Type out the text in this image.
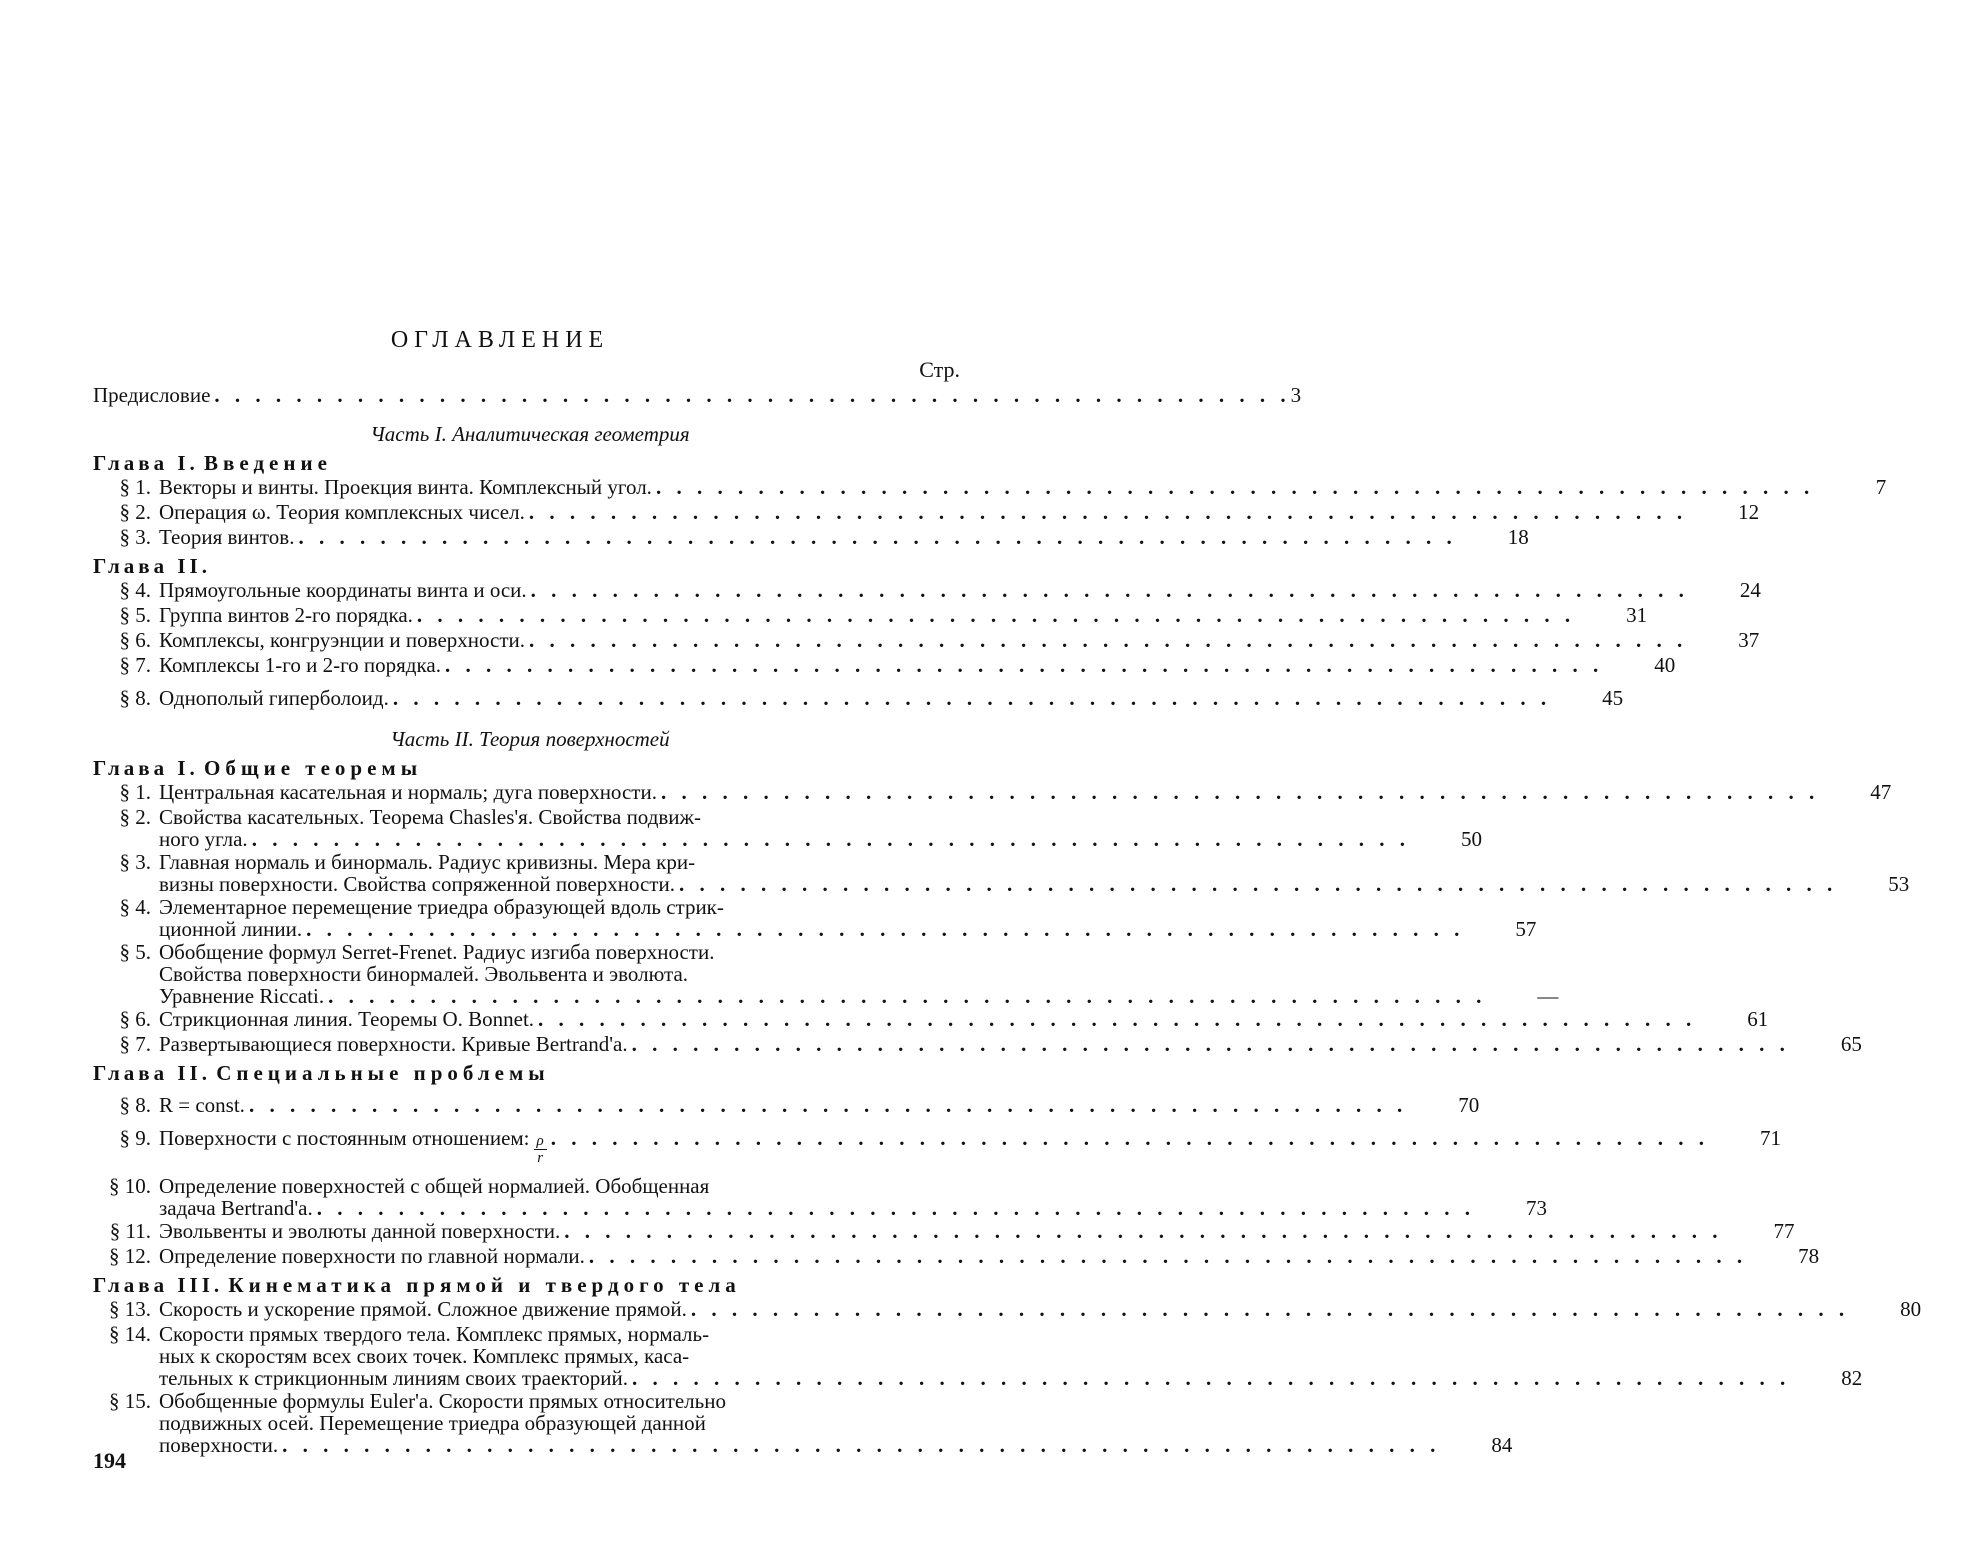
ОГЛАВЛЕНИЕ
Стр.
Предисловие . . . . . . . . . . . . . . . . . . . . . . . . . . . . . . . . . . . . . . . . . . . . . . . . . . . . . 3
Часть I. Аналитическая геометрия
Глава I. Введение
§ 1. Векторы и винты. Проекция винта. Комплексный угол. . . . . . . . . . . . . . . . . . . . . . . . . . . . . . . . . . . . . . . . . . . . . . . . . . . . . . . . . .	7
§ 2. Операция ω. Теория комплексных чисел. . . . . . . . . . . . . . . . . . . . . . . . . . . . . . . . . . . . . . . . . . . . . . . . . . . . . . . . . .	12
§ 3. Теория винтов. . . . . . . . . . . . . . . . . . . . . . . . . . . . . . . . . . . . . . . . . . . . . . . . . . . . . . . . . .	18
Глава II.
§ 4. Прямоугольные координаты винта и оси. . . . . . . . . . . . . . . . . . . . . . . . . . . . . . . . . . . . . . . . . . . . . . . . . . . . . . . . . .	24
§ 5. Группа винтов 2-го порядка. . . . . . . . . . . . . . . . . . . . . . . . . . . . . . . . . . . . . . . . . . . . . . . . . . . . . . . . . .	31
§ 6. Комплексы, конгруэнции и поверхности. . . . . . . . . . . . . . . . . . . . . . . . . . . . . . . . . . . . . . . . . . . . . . . . . . . . . . . . . .	37
§ 7. Комплексы 1-го и 2-го порядка. . . . . . . . . . . . . . . . . . . . . . . . . . . . . . . . . . . . . . . . . . . . . . . . . . . . . . . . . .	40
§ 8. Однополый гиперболоид. . . . . . . . . . . . . . . . . . . . . . . . . . . . . . . . . . . . . . . . . . . . . . . . . . . . . . . . . .	45
Часть II. Теория поверхностей
Глава I. Общие теоремы
§ 1. Центральная касательная и нормаль; дуга поверхности. . . . . . . . . . . . . . . . . . . . . . . . . . . . . . . . . . . . . . . . . . . . . . . . . . . . . . . . . .	47
§ 2. Свойства касательных. Теорема Chasles'я. Свойства подвиж-
ного угла. . . . . . . . . . . . . . . . . . . . . . . . . . . . . . . . . . . . . . . . . . . . . . . . . . . . . . . . . .	50
§ 3. Главная нормаль и бинормаль. Радиус кривизны. Мера кри-
визны поверхности. Свойства сопряженной поверхности. . . . . . . . . . . . . . . . . . . . . . . . . . . . . . . . . . . . . . . . . . . . . . . . . . . . . . . . . .	53
§ 4. Элементарное перемещение триедра образующей вдоль стрик-
ционной линии. . . . . . . . . . . . . . . . . . . . . . . . . . . . . . . . . . . . . . . . . . . . . . . . . . . . . . . . . .	57
§ 5. Обобщение формул Serret-Frenet. Радиус изгиба поверхности.
Свойства поверхности бинормалей. Эвольвента и эволюта.
Уравнение Riccati. . . . . . . . . . . . . . . . . . . . . . . . . . . . . . . . . . . . . . . . . . . . . . . . . . . . . . . . . .	—
§ 6. Стрикционная линия. Теоремы O. Bonnet. . . . . . . . . . . . . . . . . . . . . . . . . . . . . . . . . . . . . . . . . . . . . . . . . . . . . . . . . .	61
§ 7. Развертывающиеся поверхности. Кривые Bertrand'a. . . . . . . . . . . . . . . . . . . . . . . . . . . . . . . . . . . . . . . . . . . . . . . . . . . . . . . . . .	65
Глава II. Специальные проблемы
§ 8. R = const. . . . . . . . . . . . . . . . . . . . . . . . . . . . . . . . . . . . . . . . . . . . . . . . . . . . . . . . . .	70
§ 9. Поверхности с постоянным отношением: $\frac{\rho}{r}$ . . . . . . . . . . . . . . . . . . . . . . . . . . . . . . . . . . . . . . . . . . . . . . . . . . . . . . . . .	71
§ 10. Определение поверхностей с общей нормалией. Обобщенная
задача Bertrand'a. . . . . . . . . . . . . . . . . . . . . . . . . . . . . . . . . . . . . . . . . . . . . . . . . . . . . . . . . .	73
§ 11. Эвольвенты и эволюты данной поверхности. . . . . . . . . . . . . . . . . . . . . . . . . . . . . . . . . . . . . . . . . . . . . . . . . . . . . . . . . .	77
§ 12. Определение поверхности по главной нормали. . . . . . . . . . . . . . . . . . . . . . . . . . . . . . . . . . . . . . . . . . . . . . . . . . . . . . . . . .	78
Глава III. Кинематика прямой и твердого тела
§ 13. Скорость и ускорение прямой. Сложное движение прямой. . . . . . . . . . . . . . . . . . . . . . . . . . . . . . . . . . . . . . . . . . . . . . . . . . . . . . . . . .	80
§ 14. Скорости прямых твердого тела. Комплекс прямых, нормаль-
ных к скоростям всех своих точек. Комплекс прямых, каса-
тельных к стрикционным линиям своих траекторий. . . . . . . . . . . . . . . . . . . . . . . . . . . . . . . . . . . . . . . . . . . . . . . . . . . . . . . . . .	82
§ 15. Обобщенные формулы Euler'a. Скорости прямых относительно
подвижных осей. Перемещение триедра образующей данной
поверхности. . . . . . . . . . . . . . . . . . . . . . . . . . . . . . . . . . . . . . . . . . . . . . . . . . . . . . . . . .	84
194
